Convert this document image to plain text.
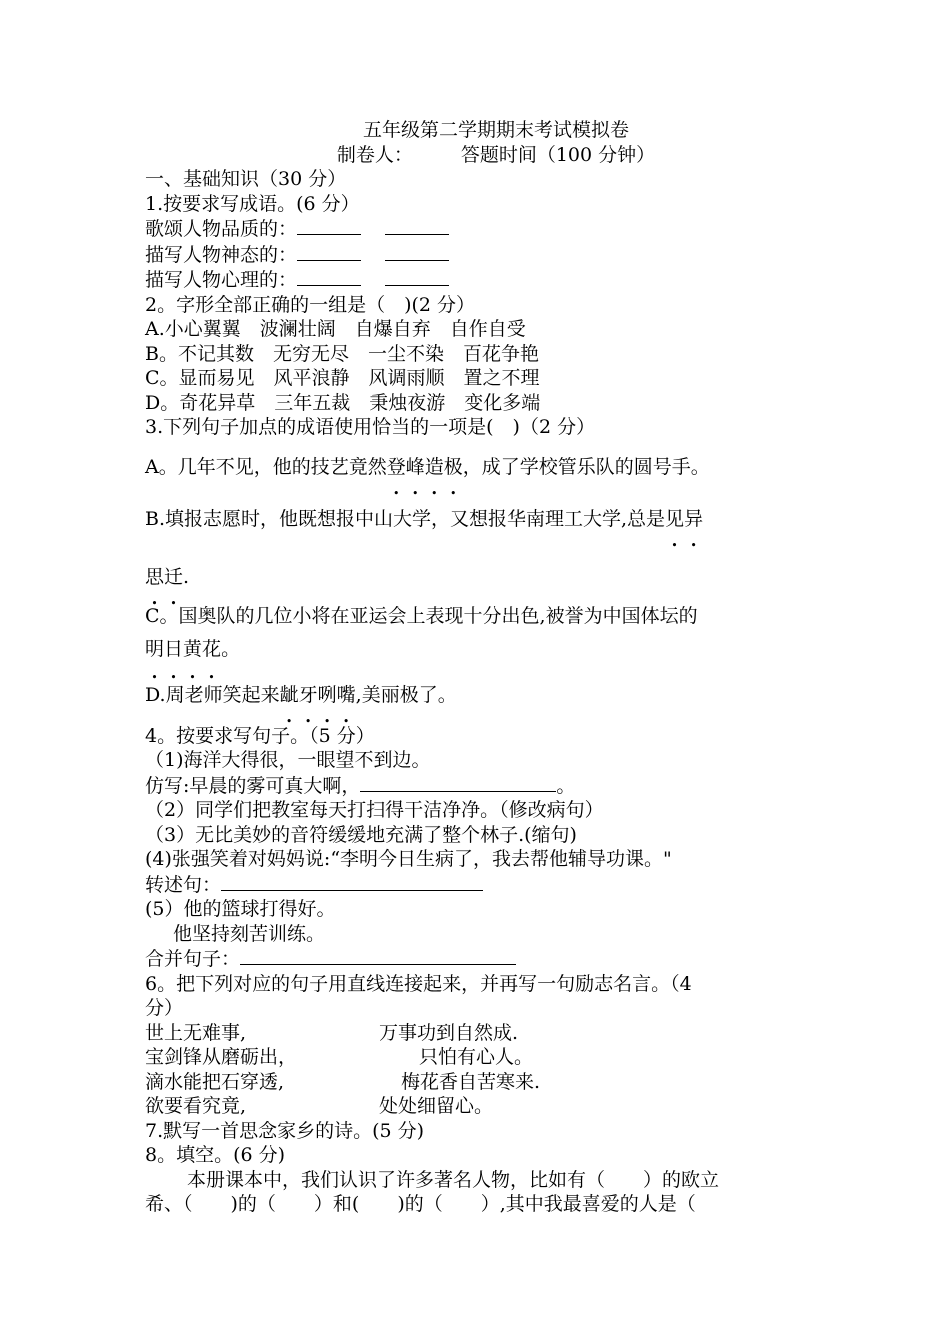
五年级第二学期期末考试模拟卷
制卷人：	答题时间（100 分钟）
一、基础知识（30 分）
1.按要求写成语。(6 分）
歌颂人物品质的：
描写人物神态的：
描写人物心理的：
2。字形全部正确的一组是（　)(2 分）
A.小心翼翼　波澜壮阔　自爆自弃　自作自受
B。不记其数　无穷无尽　一尘不染　百花争艳
C。显而易见　风平浪静　风调雨顺　置之不理
D。奇花异草　三年五裁　秉烛夜游　变化多端
3.下列句子加点的成语使用恰当的一项是(　)（2 分）
A。几年不见，他的技艺竟然登峰造极，成了学校管乐队的圆号手。
B.填报志愿时，他既想报中山大学，又想报华南理工大学,总是见异
思迁.
C。国奥队的几位小将在亚运会上表现十分出色,被誉为中国体坛的
明日黄花。
D.周老师笑起来龇牙咧嘴,美丽极了。
4。按要求写句子。（5 分）
（1)海洋大得很，一眼望不到边。
仿写:早晨的雾可真大啊，	。
（2）同学们把教室每天打扫得干洁净净。（修改病句）
（3）无比美妙的音符缓缓地充满了整个林子.(缩句)
(4)张强笑着对妈妈说:“李明今日生病了，我去帮他辅导功课。"
转述句：
(5）他的篮球打得好。
他坚持刻苦训练。
合并句子：
6。把下列对应的句子用直线连接起来，并再写一句励志名言。（4
分）
世上无难事,	万事功到自然成.
宝剑锋从磨砺出，	只怕有心人。
滴水能把石穿透,	梅花香自苦寒来.
欲要看究竟,	处处细留心。
7.默写一首思念家乡的诗。(5 分)
8。填空。(6 分)
本册课本中，我们认识了许多著名人物，比如有（　　）的欧立
希、（　　)的（　　）和(　　)的（　　）,其中我最喜爱的人是（
